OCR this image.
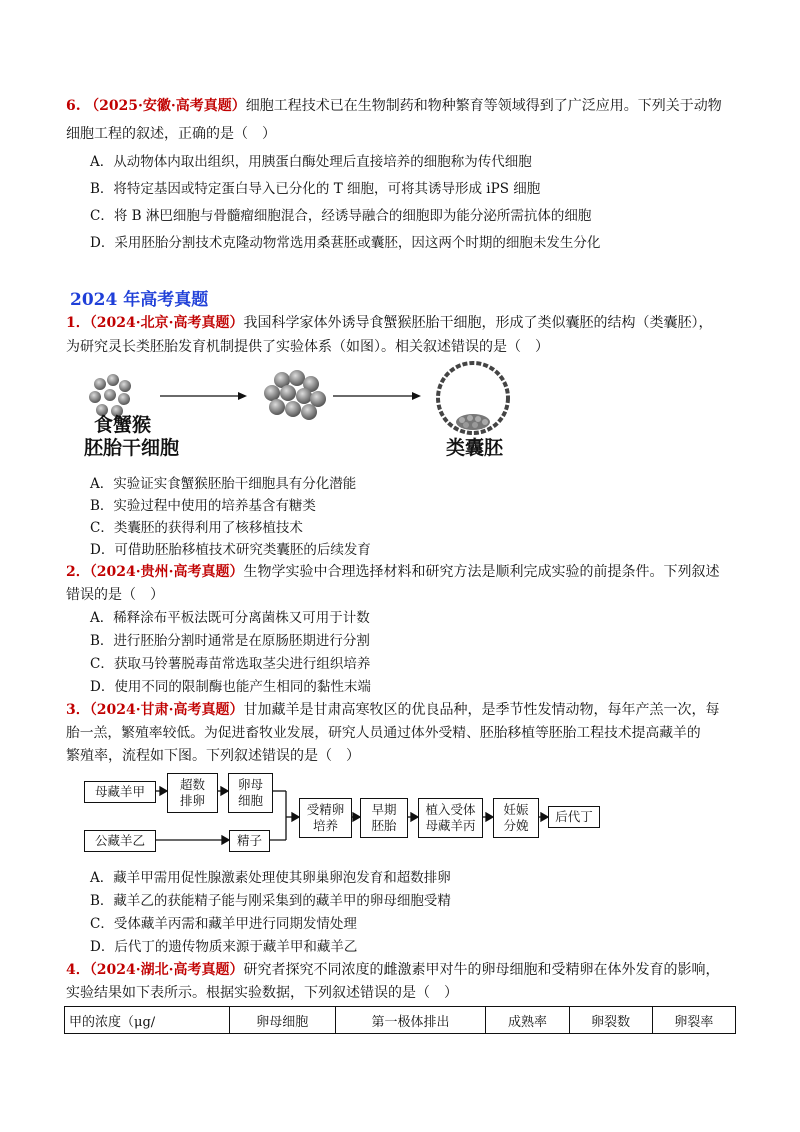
6. （2025·安徽·高考真题）细胞工程技术已在生物制药和物种繁育等领域得到了广泛应用。下列关于动物
细胞工程的叙述，正确的是（　）
A．从动物体内取出组织，用胰蛋白酶处理后直接培养的细胞称为传代细胞
B．将特定基因或特定蛋白导入已分化的 T 细胞，可将其诱导形成 iPS 细胞
C．将 B 淋巴细胞与骨髓瘤细胞混合，经诱导融合的细胞即为能分泌所需抗体的细胞
D．采用胚胎分割技术克隆动物常选用桑葚胚或囊胚，因这两个时期的细胞未发生分化
2024 年高考真题
1．（2024·北京·高考真题）我国科学家体外诱导食蟹猴胚胎干细胞，形成了类似囊胚的结构（类囊胚），
为研究灵长类胚胎发育机制提供了实验体系（如图）。相关叙述错误的是（　）
食蟹猴
胚胎干细胞	类囊胚
A．实验证实食蟹猴胚胎干细胞具有分化潜能
B．实验过程中使用的培养基含有糖类
C．类囊胚的获得利用了核移植技术
D．可借助胚胎移植技术研究类囊胚的后续发育
2．（2024·贵州·高考真题）生物学实验中合理选择材料和研究方法是顺利完成实验的前提条件。下列叙述
错误的是（　）
A．稀释涂布平板法既可分离菌株又可用于计数
B．进行胚胎分割时通常是在原肠胚期进行分割
C．获取马铃薯脱毒苗常选取茎尖进行组织培养
D．使用不同的限制酶也能产生相同的黏性末端
3．（2024·甘肃·高考真题）甘加藏羊是甘肃高寒牧区的优良品种，是季节性发情动物，每年产羔一次，每
胎一羔，繁殖率较低。为促进畜牧业发展，研究人员通过体外受精、胚胎移植等胚胎工程技术提高藏羊的
繁殖率，流程如下图。下列叙述错误的是（　）
母藏羊甲	超数
排卵
卵母
细胞
公藏羊乙	精子
受精卵
培养
早期
胚胎
植入受体
母藏羊丙
妊娠
分娩
后代丁
A．藏羊甲需用促性腺激素处理使其卵巢卵泡发育和超数排卵
B．藏羊乙的获能精子能与刚采集到的藏羊甲的卵母细胞受精
C．受体藏羊丙需和藏羊甲进行同期发情处理
D．后代丁的遗传物质来源于藏羊甲和藏羊乙
4．（2024·湖北·高考真题）研究者探究不同浓度的雌激素甲对牛的卵母细胞和受精卵在体外发育的影响，
实验结果如下表所示。根据实验数据，下列叙述错误的是（　）
甲的浓度（μg/	卵母细胞	第一极体排出	成熟率	卵裂数	卵裂率
